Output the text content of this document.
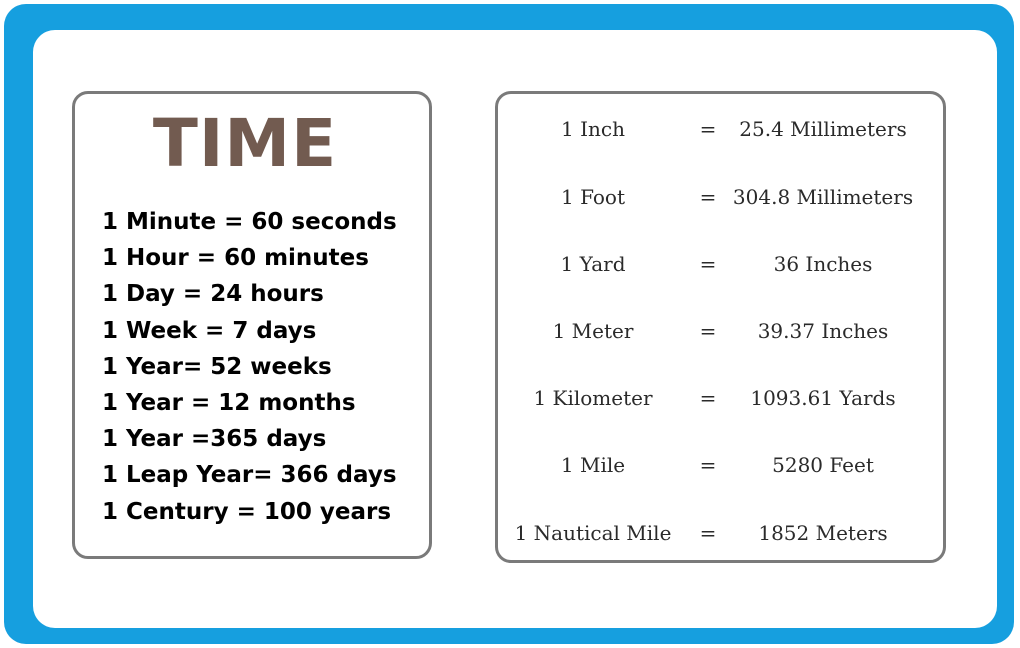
TIME
1 Minute = 60 seconds
1 Hour = 60 minutes
1 Day = 24 hours
1 Week = 7 days
1 Year= 52 weeks
1 Year = 12 months
1 Year =365 days
1 Leap Year= 366 days
1 Century = 100 years
1 Inch	=	25.4 Millimeters
1 Foot	= 304.8 Millimeters
1 Yard	=	36 Inches
1 Meter	=	39.37 Inches
1 Kilometer	=	1093.61 Yards
1 Mile	=	5280 Feet
1 Nautical Mile	=	1852 Meters
